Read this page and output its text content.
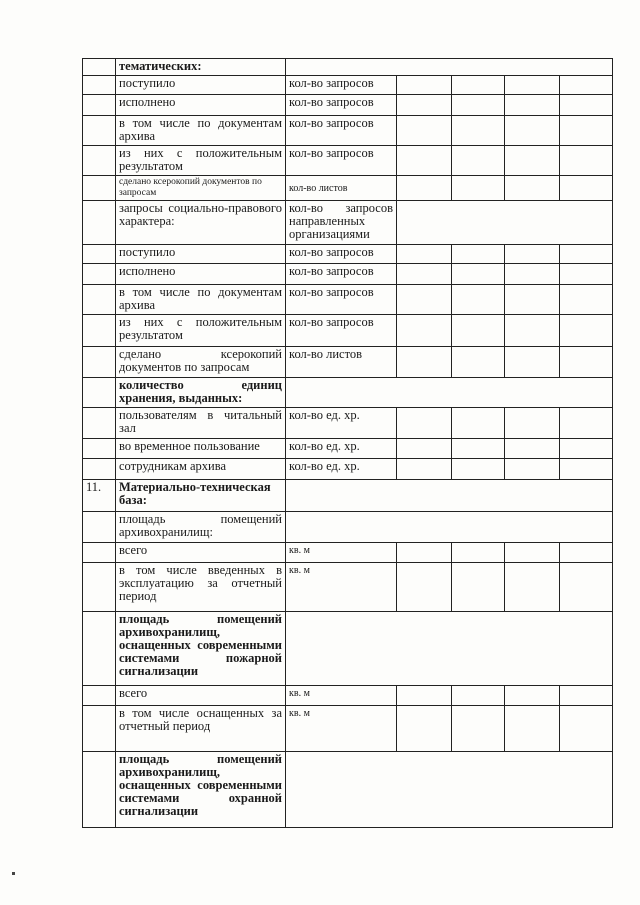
	тематических:					
	поступило	кол-во запросов				
	исполнено	кол-во запросов				
	в том числе по документам архива	кол-во запросов				
	из них с положительным результатом	кол-во запросов				
	сделано ксерокопий документов по запросам	кол-во листов				
	запросы социально-правового характера:	кол-во запросов направленных организациями				
	поступило	кол-во запросов				
	исполнено	кол-во запросов				
	в том числе по документам архива	кол-во запросов				
	из них с положительным результатом	кол-во запросов				
	сделано ксерокопий документов по запросам	кол-во листов				
	количество единиц хранения, выданных:					
	пользователям в читальный зал	кол-во ед. хр.				
	во временное пользование	кол-во ед. хр.				
	сотрудникам архива	кол-во ед. хр.				
11.	Материально-техническая база:					
	площадь помещений архивохранилищ:					
	всего	кв. м				
	в том числе введенных в эксплуатацию за отчетный период	кв. м				
	площадь помещений архивохранилищ, оснащенных современными системами пожарной сигнализации					
	всего	кв. м				
	в том числе оснащенных за отчетный период	кв. м				
	площадь помещений архивохранилищ, оснащенных современными системами охранной сигнализации					
